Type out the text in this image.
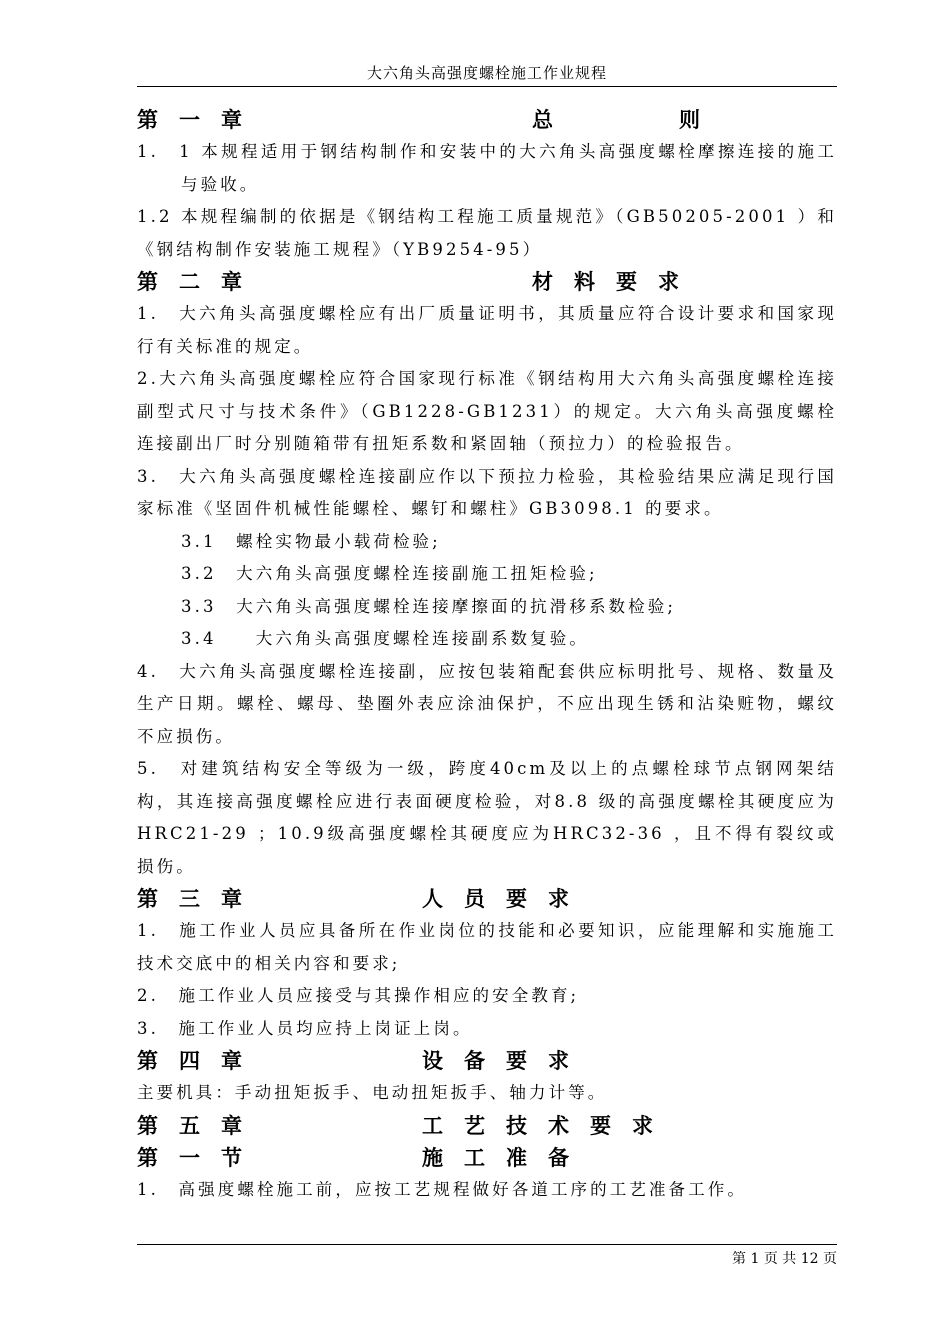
大六角头高强度螺栓施工作业规程
第　一　章	总　　　　　　则
1.　1 本规程适用于钢结构制作和安装中的大六角头高强度螺栓摩擦连接的施工与验收。
1.2 本规程编制的依据是《钢结构工程施工质量规范》（GB50205-2001 ）和《钢结构制作安装施工规程》（YB9254-95）
第　二　章	材　料　要　求
1.　大六角头高强度螺栓应有出厂质量证明书，其质量应符合设计要求和国家现行有关标准的规定。
2.大六角头高强度螺栓应符合国家现行标准《钢结构用大六角头高强度螺栓连接副型式尺寸与技术条件》（GB1228-GB1231）的规定。大六角头高强度螺栓连接副出厂时分别随箱带有扭矩系数和紧固轴（预拉力）的检验报告。
3.　大六角头高强度螺栓连接副应作以下预拉力检验，其检验结果应满足现行国家标准《坚固件机械性能螺栓、螺钉和螺柱》GB3098.1 的要求。
3.1　螺栓实物最小载荷检验;
3.2　大六角头高强度螺栓连接副施工扭矩检验;
3.3　大六角头高强度螺栓连接摩擦面的抗滑移系数检验;
3.4　　大六角头高强度螺栓连接副系数复验。
4.　大六角头高强度螺栓连接副，应按包装箱配套供应标明批号、规格、数量及生产日期。螺栓、螺母、垫圈外表应涂油保护，不应出现生锈和沾染赃物，螺纹不应损伤。
5.　对建筑结构安全等级为一级，跨度40cm及以上的点螺栓球节点钢网架结构，其连接高强度螺栓应进行表面硬度检验，对8.8 级的高强度螺栓其硬度应为HRC21-29 ；10.9级高强度螺栓其硬度应为HRC32-36 ，且不得有裂纹或损伤。
第　三　章	人　员　要　求
1.　施工作业人员应具备所在作业岗位的技能和必要知识，应能理解和实施施工技术交底中的相关内容和要求;
2.　施工作业人员应接受与其操作相应的安全教育;
3.　施工作业人员均应持上岗证上岗。
第　四　章	设　备　要　求
主要机具：手动扭矩扳手、电动扭矩扳手、轴力计等。
第　五　章	工　艺　技　术　要　求
第　一　节	施　工　准　备
1.　高强度螺栓施工前，应按工艺规程做好各道工序的工艺准备工作。
第 1 页 共 12 页
